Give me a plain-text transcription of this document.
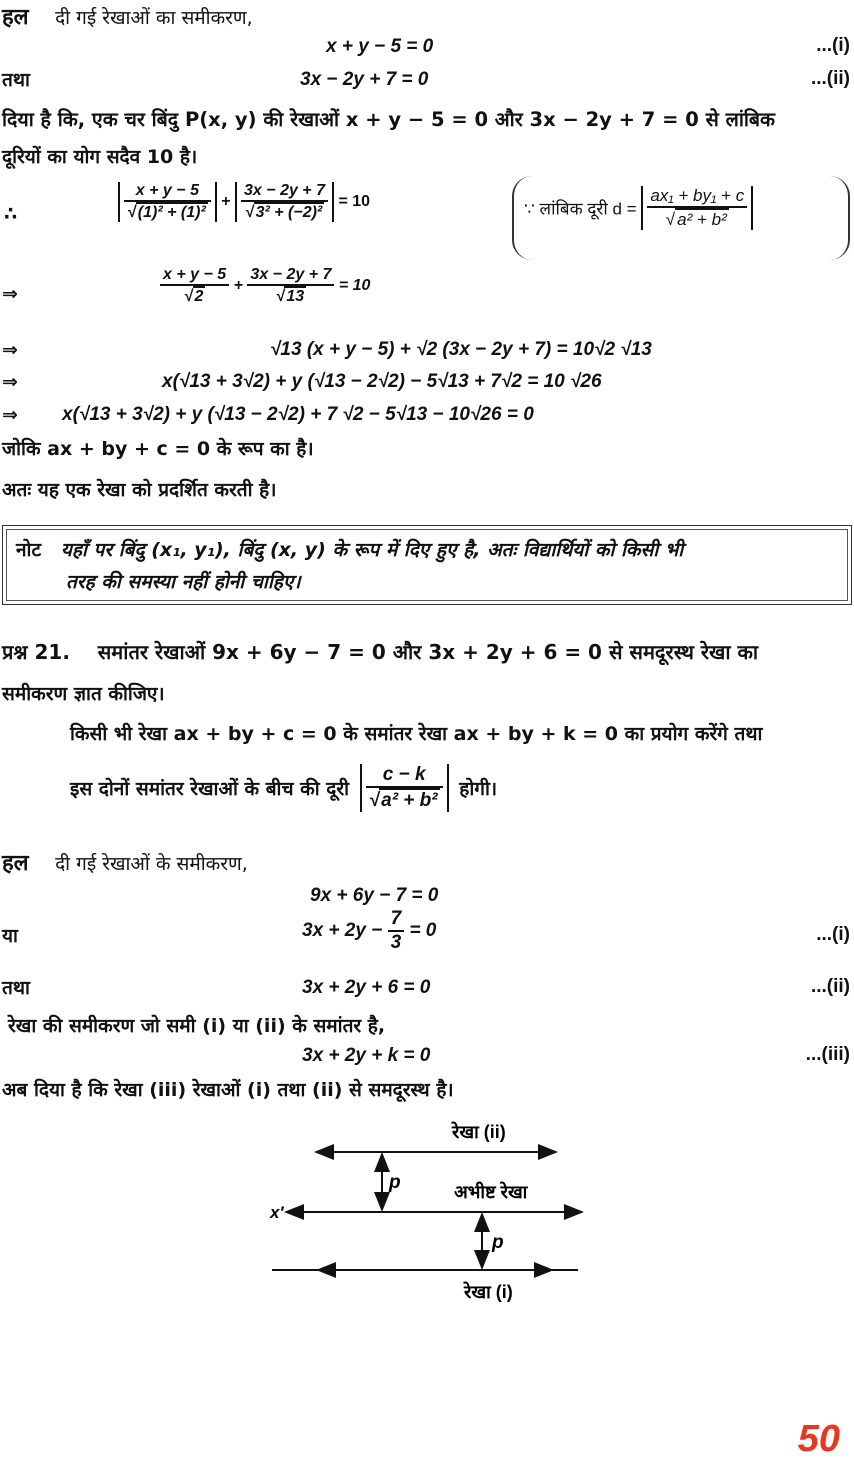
हल दी गई रेखाओं का समीकरण,
x + y − 5 = 0	...(i)
तथा	3x − 2y + 7 = 0	...(ii)
दिया है कि, एक चर बिंदु P(x, y) की रेखाओं x + y − 5 = 0 और 3x − 2y + 7 = 0 से लांबिक
दूरियों का योग सदैव 10 है।
∴	$\frac{x + y - 5}{\text{√ (1)² + (1)²}} + \frac{3x - 2y + 7}{\text{√ 3² + (−2)²}} = 10$	∵ लांबिक दूरी $d = \frac{\text{ax₁ + by₁ + c}}{\text{√ a² + b²}}$
⇒	$\frac{x + y - 5}{√ 2} + \frac{3x - 2y + 7}{√ 13} = 10$
⇒	√13 (x + y − 5) + √2 (3x − 2y + 7) = 10√2 √13
⇒	x(√13 + 3√2) + y (√13 − 2√2) − 5√13 + 7√2 = 10 √26
⇒ x(√13 + 3√2) + y (√13 − 2√2) + 7 √2 − 5√13 − 10√26 = 0
जोकि ax + by + c = 0 के रूप का है।
अतः यह एक रेखा को प्रदर्शित करती है।
नोट यहाँ पर बिंदु (x₁, y₁), बिंदु (x, y) के रूप में दिए हुए है, अतः विद्यार्थियों को किसी भी
तरह की समस्या नहीं होनी चाहिए।
प्रश्न 21. समांतर रेखाओं 9x + 6y − 7 = 0 और 3x + 2y + 6 = 0 से समदूरस्थ रेखा का
समीकरण ज्ञात कीजिए।
किसी भी रेखा ax + by + c = 0 के समांतर रेखा ax + by + k = 0 का प्रयोग करेंगे तथा
इस दोनों समांतर रेखाओं के बीच की दूरी $\frac{c - k}{\text{√ a² + b²}}$ होगी।
हल दी गई रेखाओं के समीकरण,
9x + 6y − 7 = 0
या	$3x + 2y - \frac{7}{3} = 0$	...(i)
तथा	3x + 2y + 6 = 0	...(ii)
रेखा की समीकरण जो समी (i) या (ii) के समांतर है,
3x + 2y + k = 0	...(iii)
अब दिया है कि रेखा (iii) रेखाओं (i) तथा (ii) से समदूरस्थ है।
रेखा (ii)
p	अभीष्ट रेखा
x′
p
रेखा (i)
50
